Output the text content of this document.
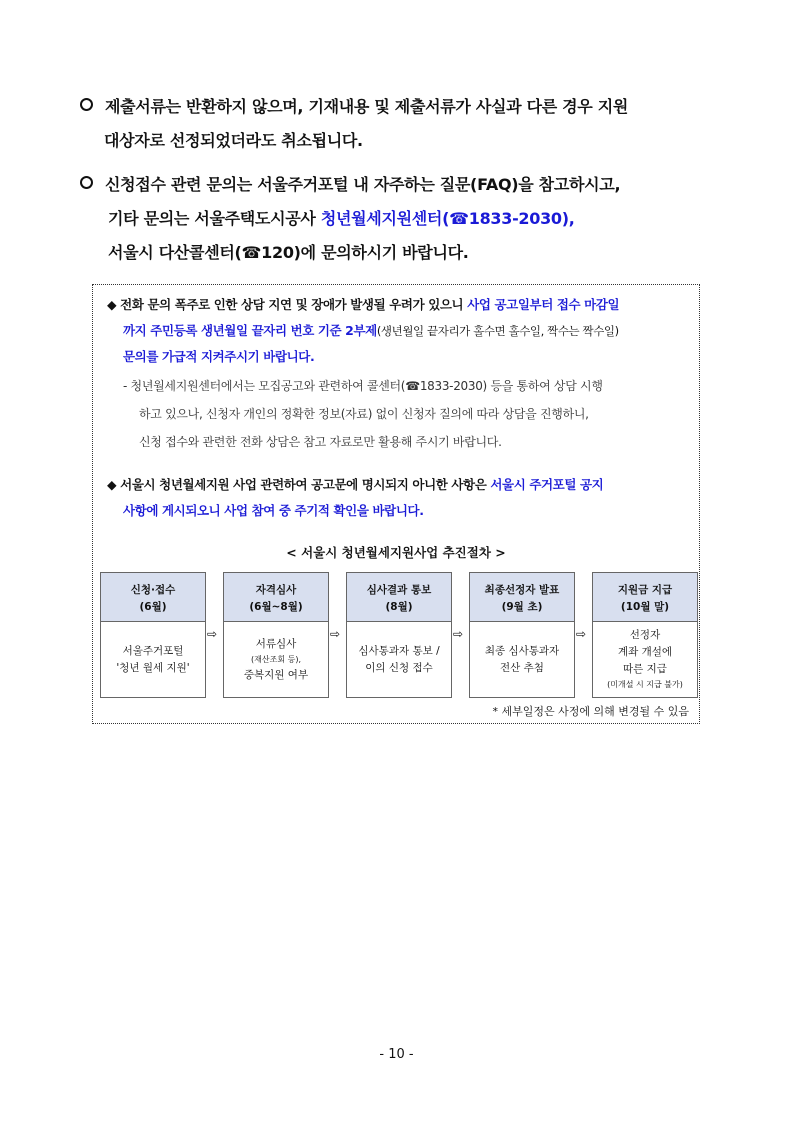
제출서류는 반환하지 않으며, 기재내용 및 제출서류가 사실과 다른 경우 지원
대상자로 선정되었더라도 취소됩니다.
신청접수 관련 문의는 서울주거포털 내 자주하는 질문(FAQ)을 참고하시고,
기타 문의는 서울주택도시공사 청년월세지원센터(☎1833-2030),
서울시 다산콜센터(☎120)에 문의하시기 바랍니다.
◆ 전화 문의 폭주로 인한 상담 지연 및 장애가 발생될 우려가 있으니 사업 공고일부터 접수 마감일
까지 주민등록 생년월일 끝자리 번호 기준 2부제(생년월일 끝자리가 홀수면 홀수일, 짝수는 짝수일)
문의를 가급적 지켜주시기 바랍니다.
- 청년월세지원센터에서는 모집공고와 관련하여 콜센터(☎1833-2030) 등을 통하여 상담 시행
하고 있으나, 신청자 개인의 정확한 정보(자료) 없이 신청자 질의에 따라 상담을 진행하니,
신청 접수와 관련한 전화 상담은 참고 자료로만 활용해 주시기 바랍니다.
◆ 서울시 청년월세지원 사업 관련하여 공고문에 명시되지 아니한 사항은 서울시 주거포털 공지
사항에 게시되오니 사업 참여 중 주기적 확인을 바랍니다.
< 서울시 청년월세지원사업 추진절차 >
신청·접수
(6월)
서울주거포털
'청년 월세 지원'
⇨
자격심사
(6월~8월)
서류심사
(재산조회 등),
중복지원 여부
⇨
심사결과 통보
(8월)
심사통과자 통보 /
이의 신청 접수
⇨
최종선정자 발표
(9월 초)
최종 심사통과자
전산 추첨
⇨
지원금 지급
(10월 말)
선정자
계좌 개설에
따른 지급
(미개설 시 지급 불가)
* 세부일정은 사정에 의해 변경될 수 있음
- 10 -
